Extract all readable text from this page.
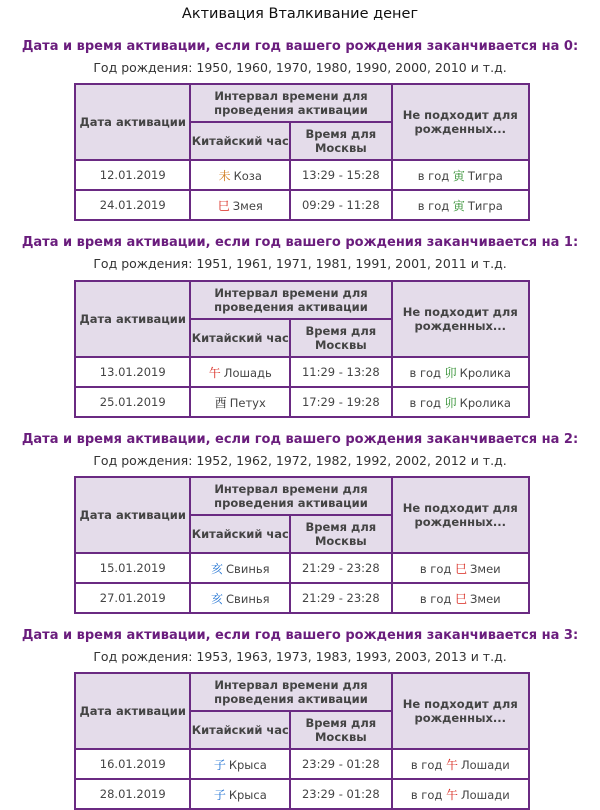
Активация Вталкивание денег
Дата и время активации, если год вашего рождения заканчивается на 0:
Год рождения: 1950, 1960, 1970, 1980, 1990, 2000, 2010 и т.д.
Дата активации	Интервал времени для проведения активации		Не подходит для рожденных...
	Китайский час	Время для Москвы	
12.01.2019	未 Коза	13:29 - 15:28	в год 寅 Тигра
24.01.2019	巳 Змея	09:29 - 11:28	в год 寅 Тигра
Дата и время активации, если год вашего рождения заканчивается на 1:
Год рождения: 1951, 1961, 1971, 1981, 1991, 2001, 2011 и т.д.
Дата активации	Интервал времени для проведения активации		Не подходит для рожденных...
	Китайский час	Время для Москвы	
13.01.2019	午 Лошадь	11:29 - 13:28	в год 卯 Кролика
25.01.2019	酉 Петух	17:29 - 19:28	в год 卯 Кролика
Дата и время активации, если год вашего рождения заканчивается на 2:
Год рождения: 1952, 1962, 1972, 1982, 1992, 2002, 2012 и т.д.
Дата активации	Интервал времени для проведения активации		Не подходит для рожденных...
	Китайский час	Время для Москвы	
15.01.2019	亥 Свинья	21:29 - 23:28	в год 巳 Змеи
27.01.2019	亥 Свинья	21:29 - 23:28	в год 巳 Змеи
Дата и время активации, если год вашего рождения заканчивается на 3:
Год рождения: 1953, 1963, 1973, 1983, 1993, 2003, 2013 и т.д.
Дата активации	Интервал времени для проведения активации		Не подходит для рожденных...
	Китайский час	Время для Москвы	
16.01.2019	子 Крыса	23:29 - 01:28	в год 午 Лошади
28.01.2019	子 Крыса	23:29 - 01:28	в год 午 Лошади
